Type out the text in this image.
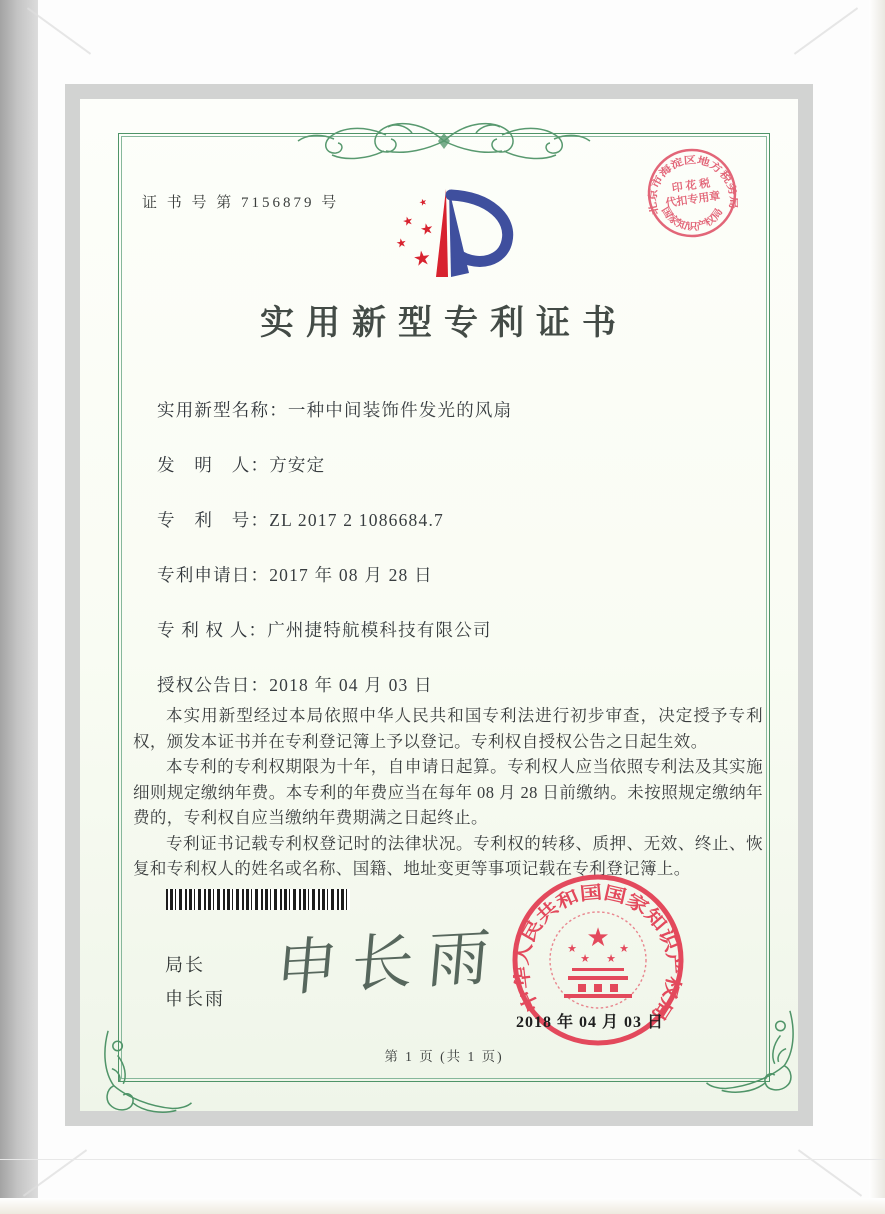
证 书 号 第 7156879 号	★
★ ★
★
★
北京市海淀区地方税务局
国家知识产权局
印 花 税
代扣专用章
实用新型专利证书
实用新型名称：一种中间装饰件发光的风扇
发　明　人：方安定
专　利　号：ZL 2017 2 1086684.7
专利申请日：2017 年 08 月 28 日
专 利 权 人：广州捷特航模科技有限公司
授权公告日：2018 年 04 月 03 日

本实用新型经过本局依照中华人民共和国专利法进行初步审查，决定授予专利权，颁发本证书并在专利登记簿上予以登记。专利权自授权公告之日起生效。

本专利的专利权期限为十年，自申请日起算。专利权人应当依照专利法及其实施细则规定缴纳年费。本专利的年费应当在每年 08 月 28 日前缴纳。未按照规定缴纳年费的，专利权自应当缴纳年费期满之日起终止。

专利证书记载专利权登记时的法律状况。专利权的转移、质押、无效、终止、恢复和专利权人的姓名或名称、国籍、地址变更等事项记载在专利登记簿上。

局长
申长雨 申长雨 中华人民共和国国家知识产权局
★
★
★ ★
★
2018 年 04 月 03 日
第 1 页 (共 1 页)
